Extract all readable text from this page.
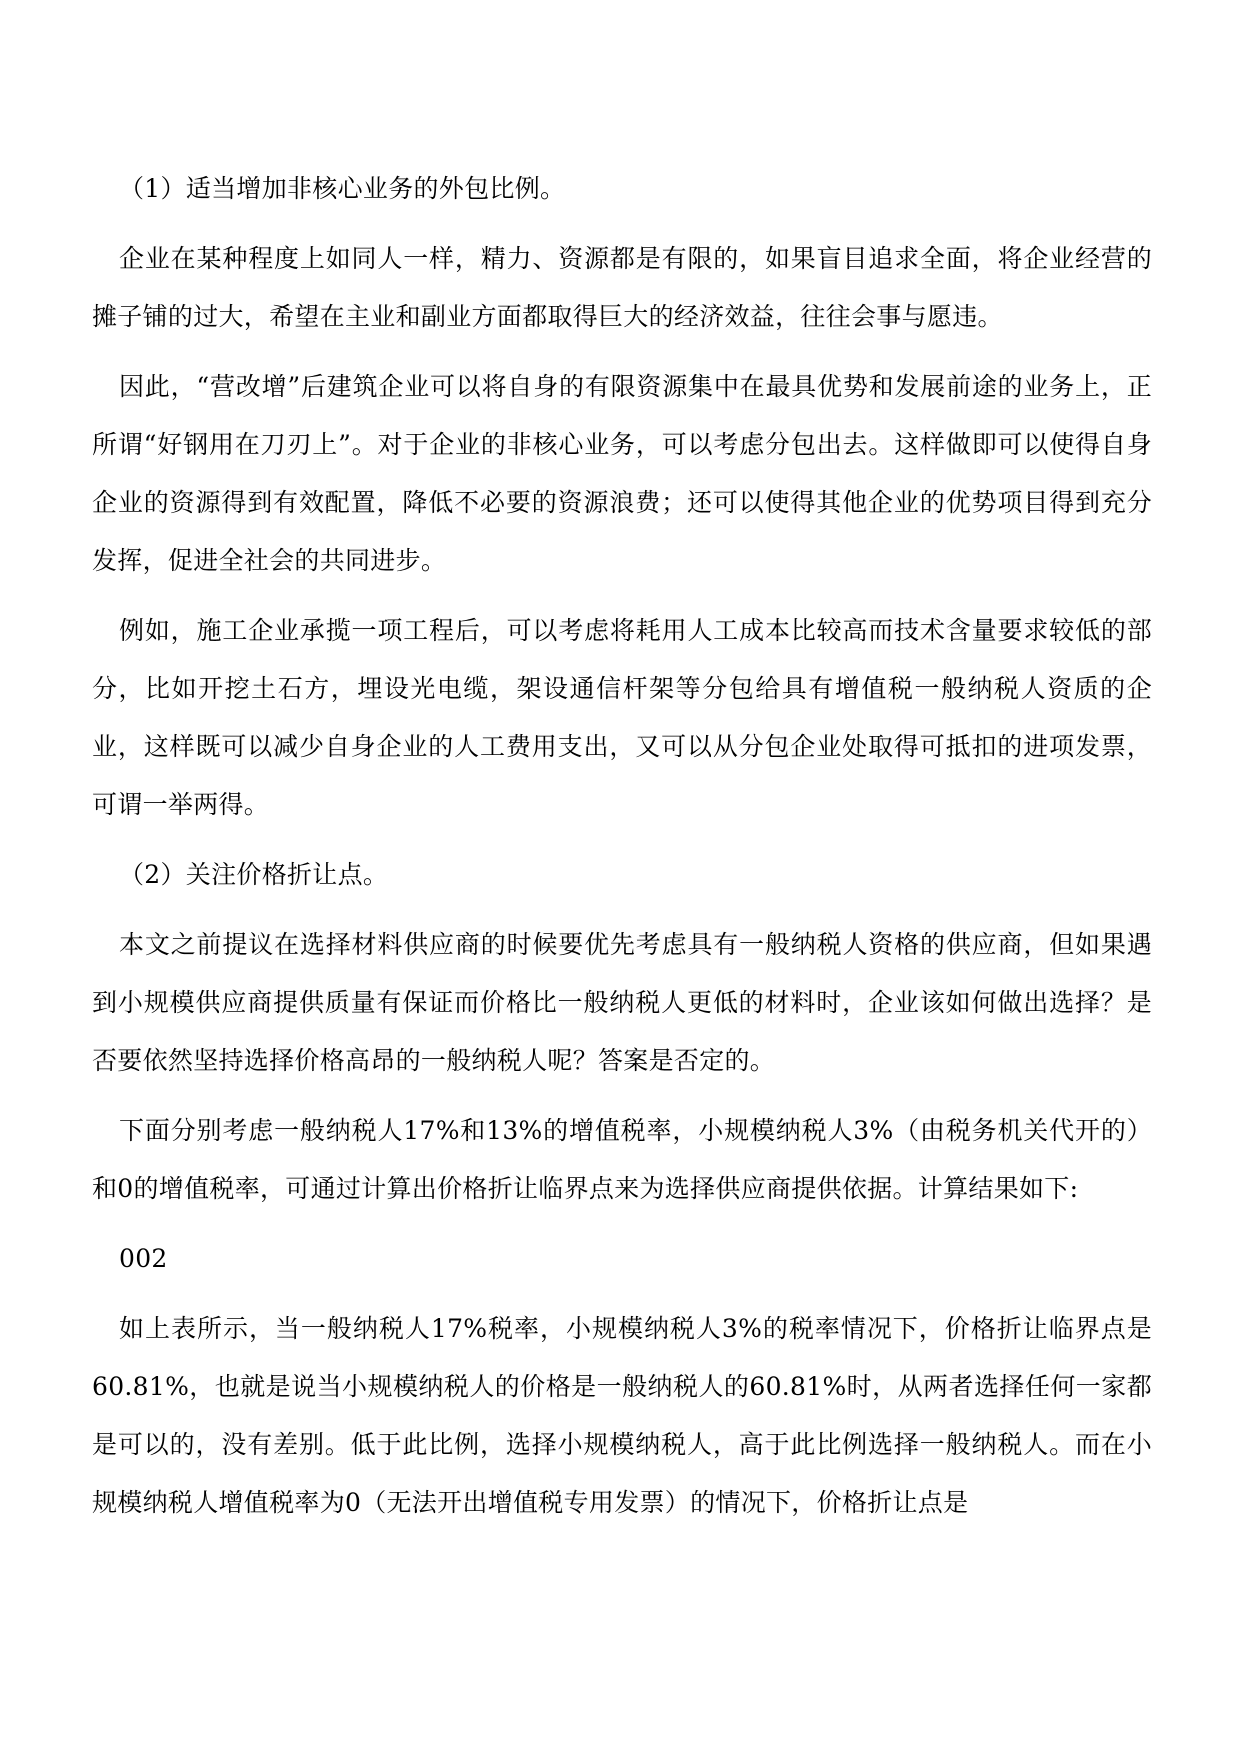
（1）适当增加非核心业务的外包比例。

企业在某种程度上如同人一样，精力、资源都是有限的，如果盲目追求全面，将企业经营的摊子铺的过大，希望在主业和副业方面都取得巨大的经济效益，往往会事与愿违。

因此，“营改增”后建筑企业可以将自身的有限资源集中在最具优势和发展前途的业务上，正所谓“好钢用在刀刃上”。对于企业的非核心业务，可以考虑分包出去。这样做即可以使得自身企业的资源得到有效配置，降低不必要的资源浪费；还可以使得其他企业的优势项目得到充分发挥，促进全社会的共同进步。

例如，施工企业承揽一项工程后，可以考虑将耗用人工成本比较高而技术含量要求较低的部分，比如开挖土石方，埋设光电缆，架设通信杆架等分包给具有增值税一般纳税人资质的企业，这样既可以减少自身企业的人工费用支出，又可以从分包企业处取得可抵扣的进项发票，可谓一举两得。

（2）关注价格折让点。

本文之前提议在选择材料供应商的时候要优先考虑具有一般纳税人资格的供应商，但如果遇到小规模供应商提供质量有保证而价格比一般纳税人更低的材料时，企业该如何做出选择？是否要依然坚持选择价格高昂的一般纳税人呢？答案是否定的。

下面分别考虑一般纳税人17%和13%的增值税率，小规模纳税人3%（由税务机关代开的）和0的增值税率，可通过计算出价格折让临界点来为选择供应商提供依据。计算结果如下:

002

如上表所示，当一般纳税人17%税率，小规模纳税人3%的税率情况下，价格折让临界点是60.81%，也就是说当小规模纳税人的价格是一般纳税人的60.81%时，从两者选择任何一家都是可以的，没有差别。低于此比例，选择小规模纳税人，高于此比例选择一般纳税人。而在小规模纳税人增值税率为0（无法开出增值税专用发票）的情况下，价格折让点是
